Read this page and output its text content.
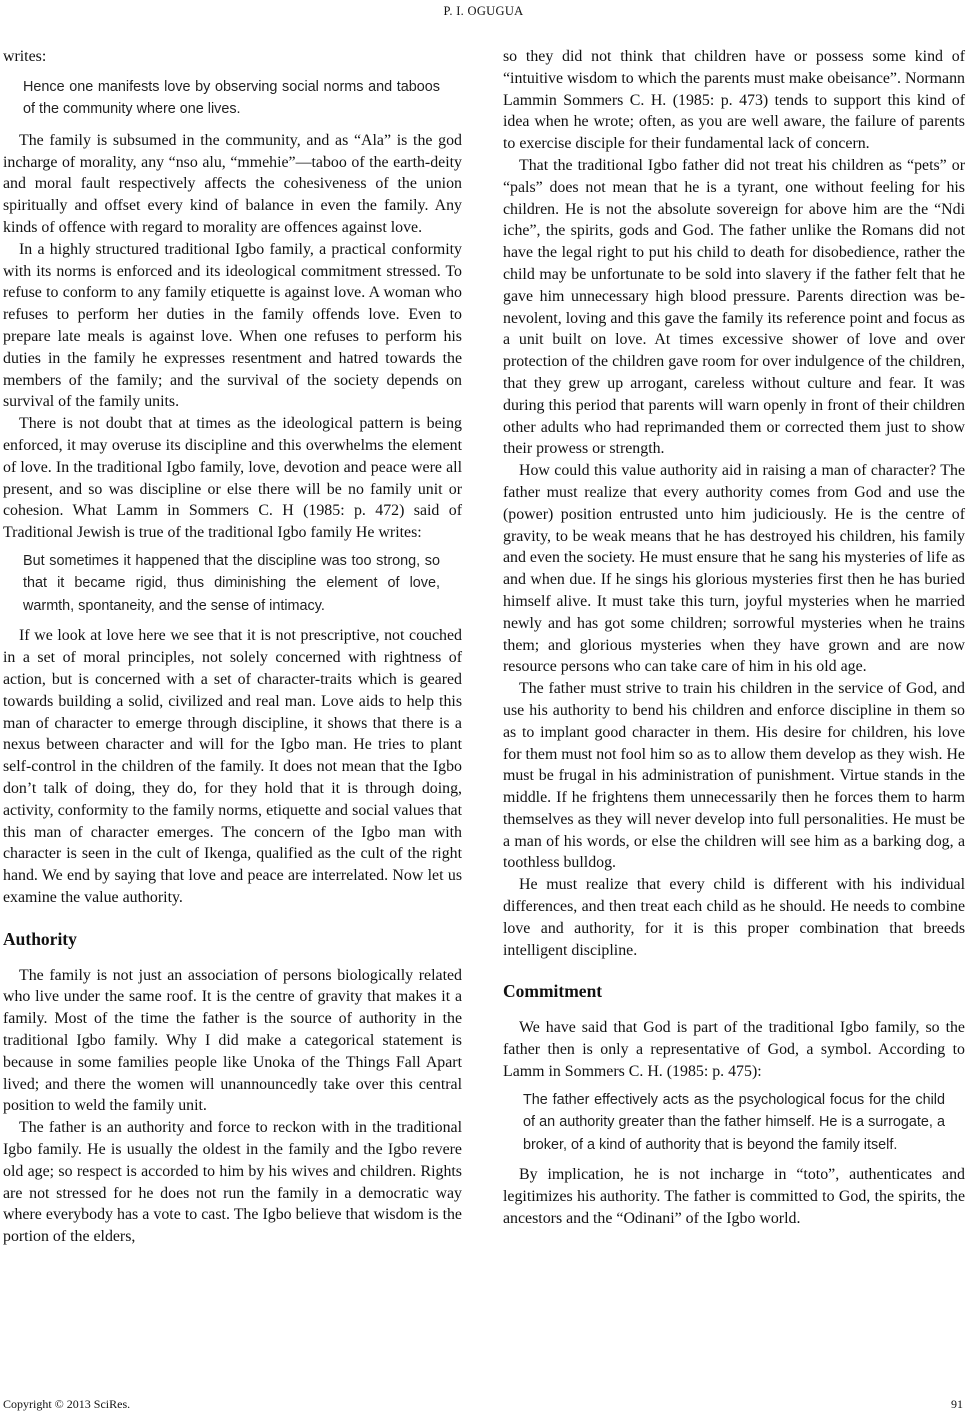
P. I. OGUGUA

writes:

Hence one manifests love by observing social norms and taboos of the community where one lives.

The family is subsumed in the community, and as “Ala” is the god incharge of morality, any “nso alu, “mmehie”—taboo of the earth-deity and moral fault respectively affects the cohesiveness of the union spiritually and offset every kind of balance in even the family. Any kinds of offence with regard to morality are offences against love.

In a highly structured traditional Igbo family, a practical conformity with its norms is enforced and its ideological commitment stressed. To refuse to conform to any family etiquette is against love. A woman who refuses to perform her duties in the family offends love. Even to prepare late meals is against love. When one refuses to perform his duties in the family he expresses resentment and hatred towards the members of the family; and the survival of the society depends on survival of the family units.

There is not doubt that at times as the ideological pattern is being enforced, it may overuse its discipline and this overwhelms the element of love. In the traditional Igbo family, love, devotion and peace were all present, and so was discipline or else there will be no family unit or cohesion. What Lamm in Sommers C. H (1985: p. 472) said of Traditional Jewish is true of the traditional Igbo family He writes:

But sometimes it happened that the discipline was too strong, so that it became rigid, thus diminishing the element of love, warmth, spontaneity, and the sense of intimacy.

If we look at love here we see that it is not prescriptive, not couched in a set of moral principles, not solely concerned with rightness of action, but is concerned with a set of character-traits which is geared towards building a solid, civilized and real man. Love aids to help this man of character to emerge through discipline, it shows that there is a nexus between character and will for the Igbo man. He tries to plant self-control in the children of the family. It does not mean that the Igbo don’t talk of doing, they do, for they hold that it is through doing, activity, conformity to the family norms, etiquette and social values that this man of character emerges. The concern of the Igbo man with character is seen in the cult of Ikenga, qualified as the cult of the right hand. We end by saying that love and peace are interrelated. Now let us examine the value authority.

Authority

The family is not just an association of persons biologically related who live under the same roof. It is the centre of gravity that makes it a family. Most of the time the father is the source of authority in the traditional Igbo family. Why I did make a categorical statement is because in some families people like Unoka of the Things Fall Apart lived; and there the women will unannouncedly take over this central position to weld the family unit.

The father is an authority and force to reckon with in the traditional Igbo family. He is usually the oldest in the family and the Igbo revere old age; so respect is accorded to him by his wives and children. Rights are not stressed for he does not run the family in a democratic way where everybody has a vote to cast. The Igbo believe that wisdom is the portion of the elders,

so they did not think that children have or possess some kind of “intuitive wisdom to which the parents must make obeisance”. Normann Lammin Sommers C. H. (1985: p. 473) tends to support this kind of idea when he wrote; often, as you are well aware, the failure of parents to exercise disciple for their fundamental lack of concern.

That the traditional Igbo father did not treat his children as “pets” or “pals” does not mean that he is a tyrant, one without feeling for his children. He is not the absolute sovereign for above him are the “Ndi iche”, the spirits, gods and God. The father unlike the Romans did not have the legal right to put his child to death for disobedience, rather the child may be unfortunate to be sold into slavery if the father felt that he gave him unnecessary high blood pressure. Parents direction was benevolent, loving and this gave the family its reference point and focus as a unit built on love. At times excessive shower of love and over protection of the children gave room for over indulgence of the children, that they grew up arrogant, careless without culture and fear. It was during this period that parents will warn openly in front of their children other adults who had reprimanded them or corrected them just to show their prowess or strength.

How could this value authority aid in raising a man of character? The father must realize that every authority comes from God and use the (power) position entrusted unto him judiciously. He is the centre of gravity, to be weak means that he has destroyed his children, his family and even the society. He must ensure that he sang his mysteries of life as and when due. If he sings his glorious mysteries first then he has buried himself alive. It must take this turn, joyful mysteries when he married newly and has got some children; sorrowful mysteries when he trains them; and glorious mysteries when they have grown and are now resource persons who can take care of him in his old age.

The father must strive to train his children in the service of God, and use his authority to bend his children and enforce discipline in them so as to implant good character in them. His desire for children, his love for them must not fool him so as to allow them develop as they wish. He must be frugal in his administration of punishment. Virtue stands in the middle. If he frightens them unnecessarily then he forces them to harm themselves as they will never develop into full personalities. He must be a man of his words, or else the children will see him as a barking dog, a toothless bulldog.

He must realize that every child is different with his individual differences, and then treat each child as he should. He needs to combine love and authority, for it is this proper combination that breeds intelligent discipline.

Commitment

We have said that God is part of the traditional Igbo family, so the father then is only a representative of God, a symbol. According to Lamm in Sommers C. H. (1985: p. 475):

The father effectively acts as the psychological focus for the child of an authority greater than the father himself. He is a surrogate, a broker, of a kind of authority that is beyond the family itself.

By implication, he is not incharge in “toto”, authenticates and legitimizes his authority. The father is committed to God, the spirits, the ancestors and the “Odinani” of the Igbo world.

Copyright © 2013 SciRes.	91
